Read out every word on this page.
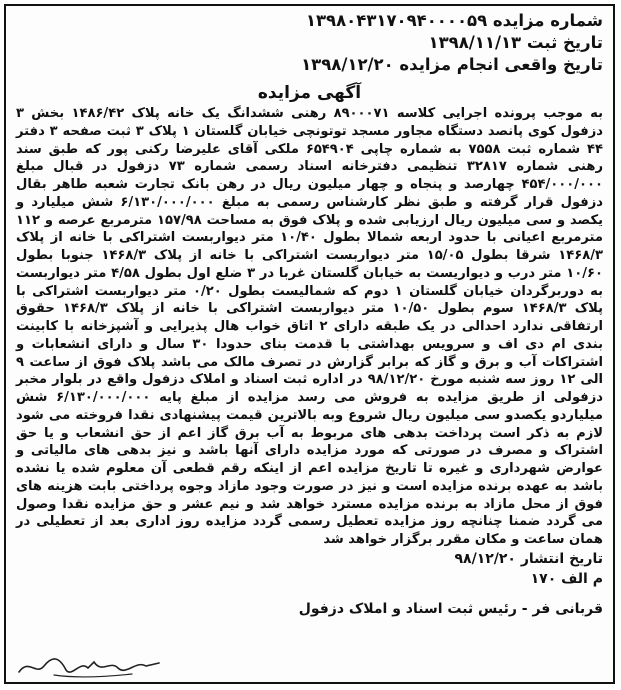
شماره مزایده ۱۳۹۸۰۴۳۱۷۰۹۴۰۰۰۰۵۹
تاریخ ثبت ۱۳۹۸/۱۱/۱۳
تاریخ واقعی انجام مزایده ۱۳۹۸/۱۲/۲۰
آگهی مزایده

به موجب پرونده اجرایی کلاسه ۸۹۰۰۰۷۱ رهنی ششدانگ یک خانه پلاک ۱۴۸۶/۴۲ بخش ۳ دزفول کوی پانصد دستگاه مجاور مسجد توتونچی خیابان گلستان ۱ پلاک ۳ ثبت صفحه ۳ دفتر ۴۴ شماره ثبت ۷۵۵۸ به شماره چاپی ۶۵۴۹۰۴ ملکی آقای علیرضا رکنی پور که طبق سند رهنی شماره ۳۲۸۱۷ تنظیمی دفترخانه اسناد رسمی شماره ۷۳ دزفول در قبال مبلغ ۴۵۴/۰۰۰/۰۰۰ چهارصد و پنجاه و چهار میلیون ریال در رهن بانک تجارت شعبه طاهر بقال دزفول قرار گرفته و طبق نظر کارشناس رسمی به مبلغ ۶/۱۳۰/۰۰۰/۰۰۰ شش میلیارد و یکصد و سی میلیون ریال ارزیابی شده و پلاک فوق به مساحت ۱۵۷/۹۸ مترمربع عرصه و ۱۱۲ مترمربع اعیانی با حدود اربعه شمالا بطول ۱۰/۴۰ متر دیواربست اشتراکی با خانه از پلاک ۱۴۶۸/۳ شرقا بطول ۱۵/۰۵ متر دیواربست اشتراکی با خانه از پلاک ۱۴۶۸/۳ جنوبا بطول ۱۰/۶۰ متر درب و دیواریست به خیابان گلستان غربا در ۳ ضلع اول بطول ۴/۵۸ متر دیواربست به دوربرگردان خیابان گلستان ۱ دوم که شمالیست بطول ۰/۲۰ متر دیواربست اشتراکی با پلاک ۱۴۶۸/۳ سوم بطول ۱۰/۵۰ متر دیواربست اشتراکی با خانه از پلاک ۱۴۶۸/۳ حقوق ارتفاقی ندارد احدالی در یک طبقه دارای ۲ اتاق خواب هال پذیرایی و آشپزخانه با کابینت بندی ام دی اف و سرویس بهداشتی با قدمت بنای حدودا ۳۰ سال و دارای انشعابات و اشتراکات آب و برق و گاز که برابر گزارش در تصرف مالک می باشد پلاک فوق از ساعت ۹ الی ۱۲ روز سه شنبه مورخ ۹۸/۱۲/۲۰ در اداره ثبت اسناد و املاک دزفول واقع در بلوار مخبر دزفولی از طریق مزایده به فروش می رسد مزایده از مبلغ پایه ۶/۱۳۰/۰۰۰/۰۰۰ شش میلیاردو یکصدو سی میلیون ریال شروع وبه بالاترین قیمت پیشنهادی نقدا فروخته می شود لازم به ذکر است پرداخت بدهی های مربوط به آب برق گاز اعم از حق انشعاب و یا حق اشتراک و مصرف در صورتی که مورد مزایده دارای آنها باشد و نیز بدهی های مالیاتی و عوارض شهرداری و غیره تا تاریخ مزایده اعم از اینکه رقم قطعی آن معلوم شده یا نشده باشد به عهده برنده مزایده است و نیز در صورت وجود مازاد وجوه پرداختی بابت هزینه های فوق از محل مازاد به برنده مزایده مسترد خواهد شد و نیم عشر و حق مزایده نقدا وصول می گردد ضمنا چنانچه روز مزایده تعطیل رسمی گردد مزایده روز اداری بعد از تعطیلی در همان ساعت و مکان مقرر برگزار خواهد شد

تاریخ انتشار ۹۸/۱۲/۲۰
م الف ۱۷۰
قربانی فر - رئیس ثبت اسناد و املاک دزفول
